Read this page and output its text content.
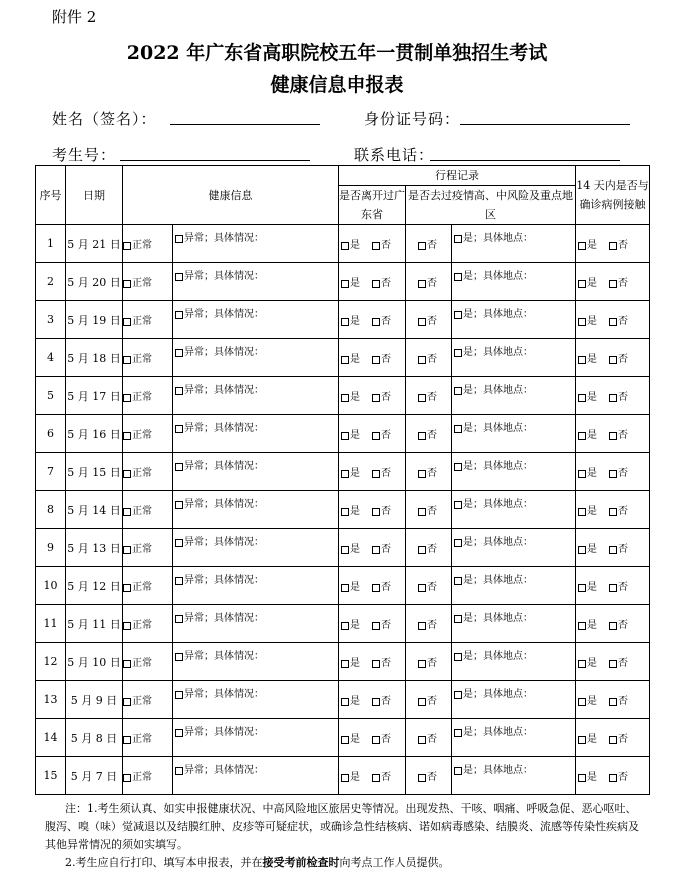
附件 2
2022 年广东省高职院校五年一贯制单独招生考试
健康信息申报表
姓名（签名）：	身份证号码：
考生号：	联系电话：
序号	日期	健康信息		行程记录			14 天内是否与确诊病例接触
				是否离开过广东省	是否去过疫情高、中风险及重点地区		

1	5 月 21 日	正常	异常；具体情况：	是 否	否	是；具体地点：	是 否
2	5 月 20 日	正常	异常；具体情况：	是 否	否	是；具体地点：	是 否
3	5 月 19 日	正常	异常；具体情况：	是 否	否	是；具体地点：	是 否
4	5 月 18 日	正常	异常；具体情况：	是 否	否	是；具体地点：	是 否
5	5 月 17 日	正常	异常；具体情况：	是 否	否	是；具体地点：	是 否
6	5 月 16 日	正常	异常；具体情况：	是 否	否	是；具体地点：	是 否
7	5 月 15 日	正常	异常；具体情况：	是 否	否	是；具体地点：	是 否
8	5 月 14 日	正常	异常；具体情况：	是 否	否	是；具体地点：	是 否
9	5 月 13 日	正常	异常；具体情况：	是 否	否	是；具体地点：	是 否
10	5 月 12 日	正常	异常；具体情况：	是 否	否	是；具体地点：	是 否
11	5 月 11 日	正常	异常；具体情况：	是 否	否	是；具体地点：	是 否
12	5 月 10 日	正常	异常；具体情况：	是 否	否	是；具体地点：	是 否
13	5 月 9 日	正常	异常；具体情况：	是 否	否	是；具体地点：	是 否
14	5 月 8 日	正常	异常；具体情况：	是 否	否	是；具体地点：	是 否
15	5 月 7 日	正常	异常；具体情况：	是 否	否	是；具体地点：	是 否

注：1.考生须认真、如实申报健康状况、中高风险地区旅居史等情况。出现发热、干咳、咽痛、呼吸急促、恶心呕吐、腹泻、嗅（味）觉减退以及结膜红肿、皮疹等可疑症状，或确诊急性结核病、诺如病毒感染、结膜炎、流感等传染性疾病及其他异常情况的须如实填写。

2.考生应自行打印、填写本申报表，并在接受考前检查时向考点工作人员提供。
